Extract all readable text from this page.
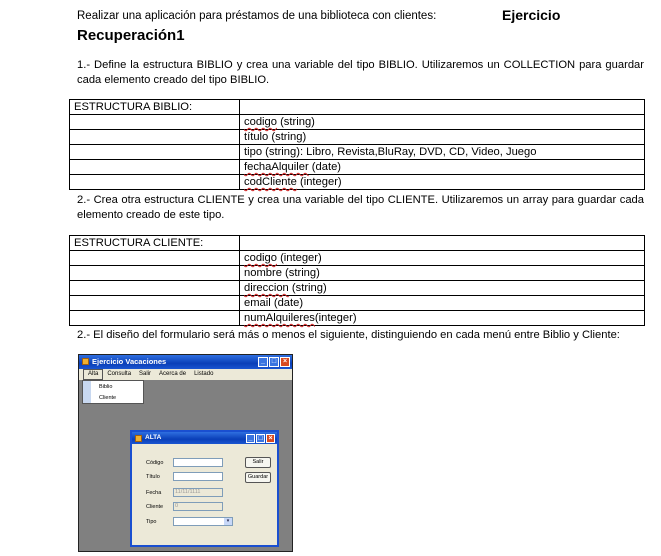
Realizar una aplicación para préstamos de una biblioteca con clientes:	Ejercicio
Recuperación1
1.- Define la estructura BIBLIO y crea una variable del tipo BIBLIO. Utilizaremos un COLLECTION para guardar cada elemento creado del tipo BIBLIO.
ESTRUCTURA BIBLIO:	
	codigo (string)
	título (string)
	tipo (string): Libro, Revista,BluRay, DVD, CD, Video, Juego
	fechaAlquiler (date)
	codCliente (integer)
2.- Crea otra estructura CLIENTE y crea una variable del tipo CLIENTE. Utilizaremos un array para guardar cada elemento creado de este tipo.
ESTRUCTURA CLIENTE:	
	codigo (integer)
	nombre (string)
	direccion (string)
	email (date)
	numAlquileres(integer)
2.- El diseño del formulario será más o menos el siguiente, distinguiendo en cada menú entre Biblio y Cliente:
Ejercicio Vacaciones	_ □ ×
Alta	Consulta	Salir	Acerca de	Listado
Biblio
Cliente
ALTA	_ □ ×
Código
Título
Fecha	11/11/1111
Cliente	0
Tipo	▾
Salir
Guardar
